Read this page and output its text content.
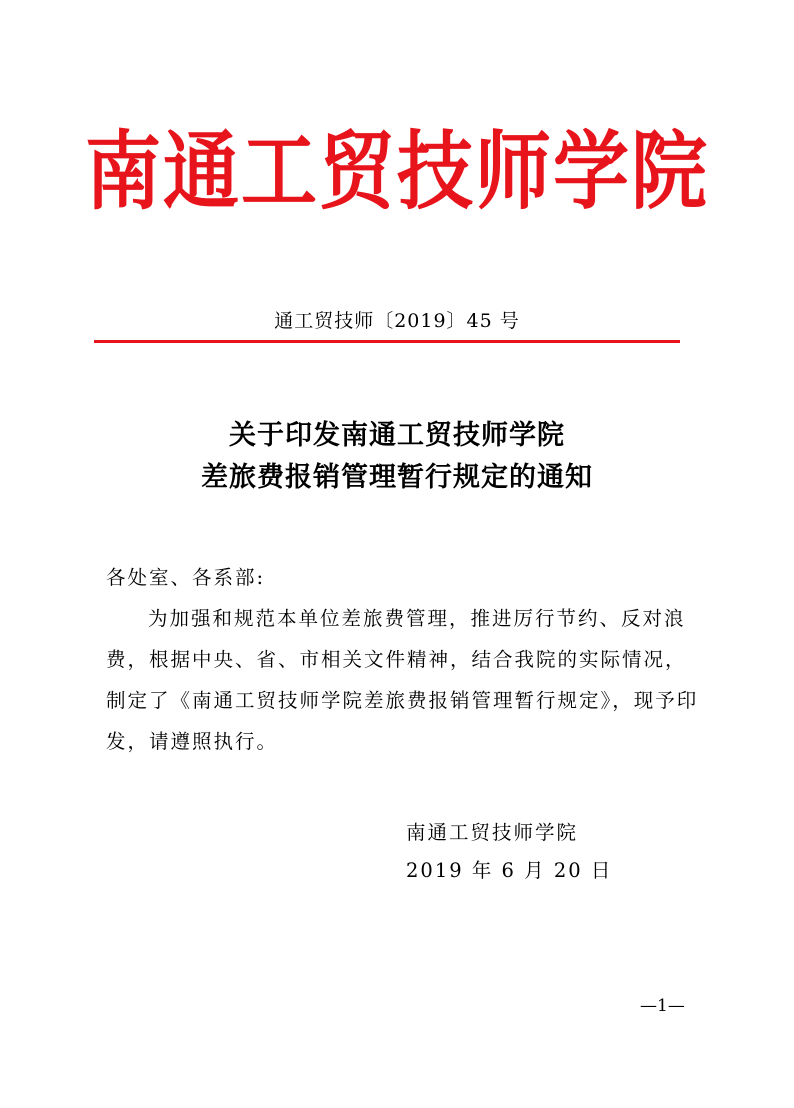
南通工贸技师学院
通工贸技师〔2019〕45 号
关于印发南通工贸技师学院
差旅费报销管理暂行规定的通知
各处室、各系部:
为加强和规范本单位差旅费管理，推进厉行节约、反对浪
费，根据中央、省、市相关文件精神，结合我院的实际情况，
制定了《南通工贸技师学院差旅费报销管理暂行规定》，现予印
发，请遵照执行。
南通工贸技师学院
2019 年 6 月 20 日
—1—
